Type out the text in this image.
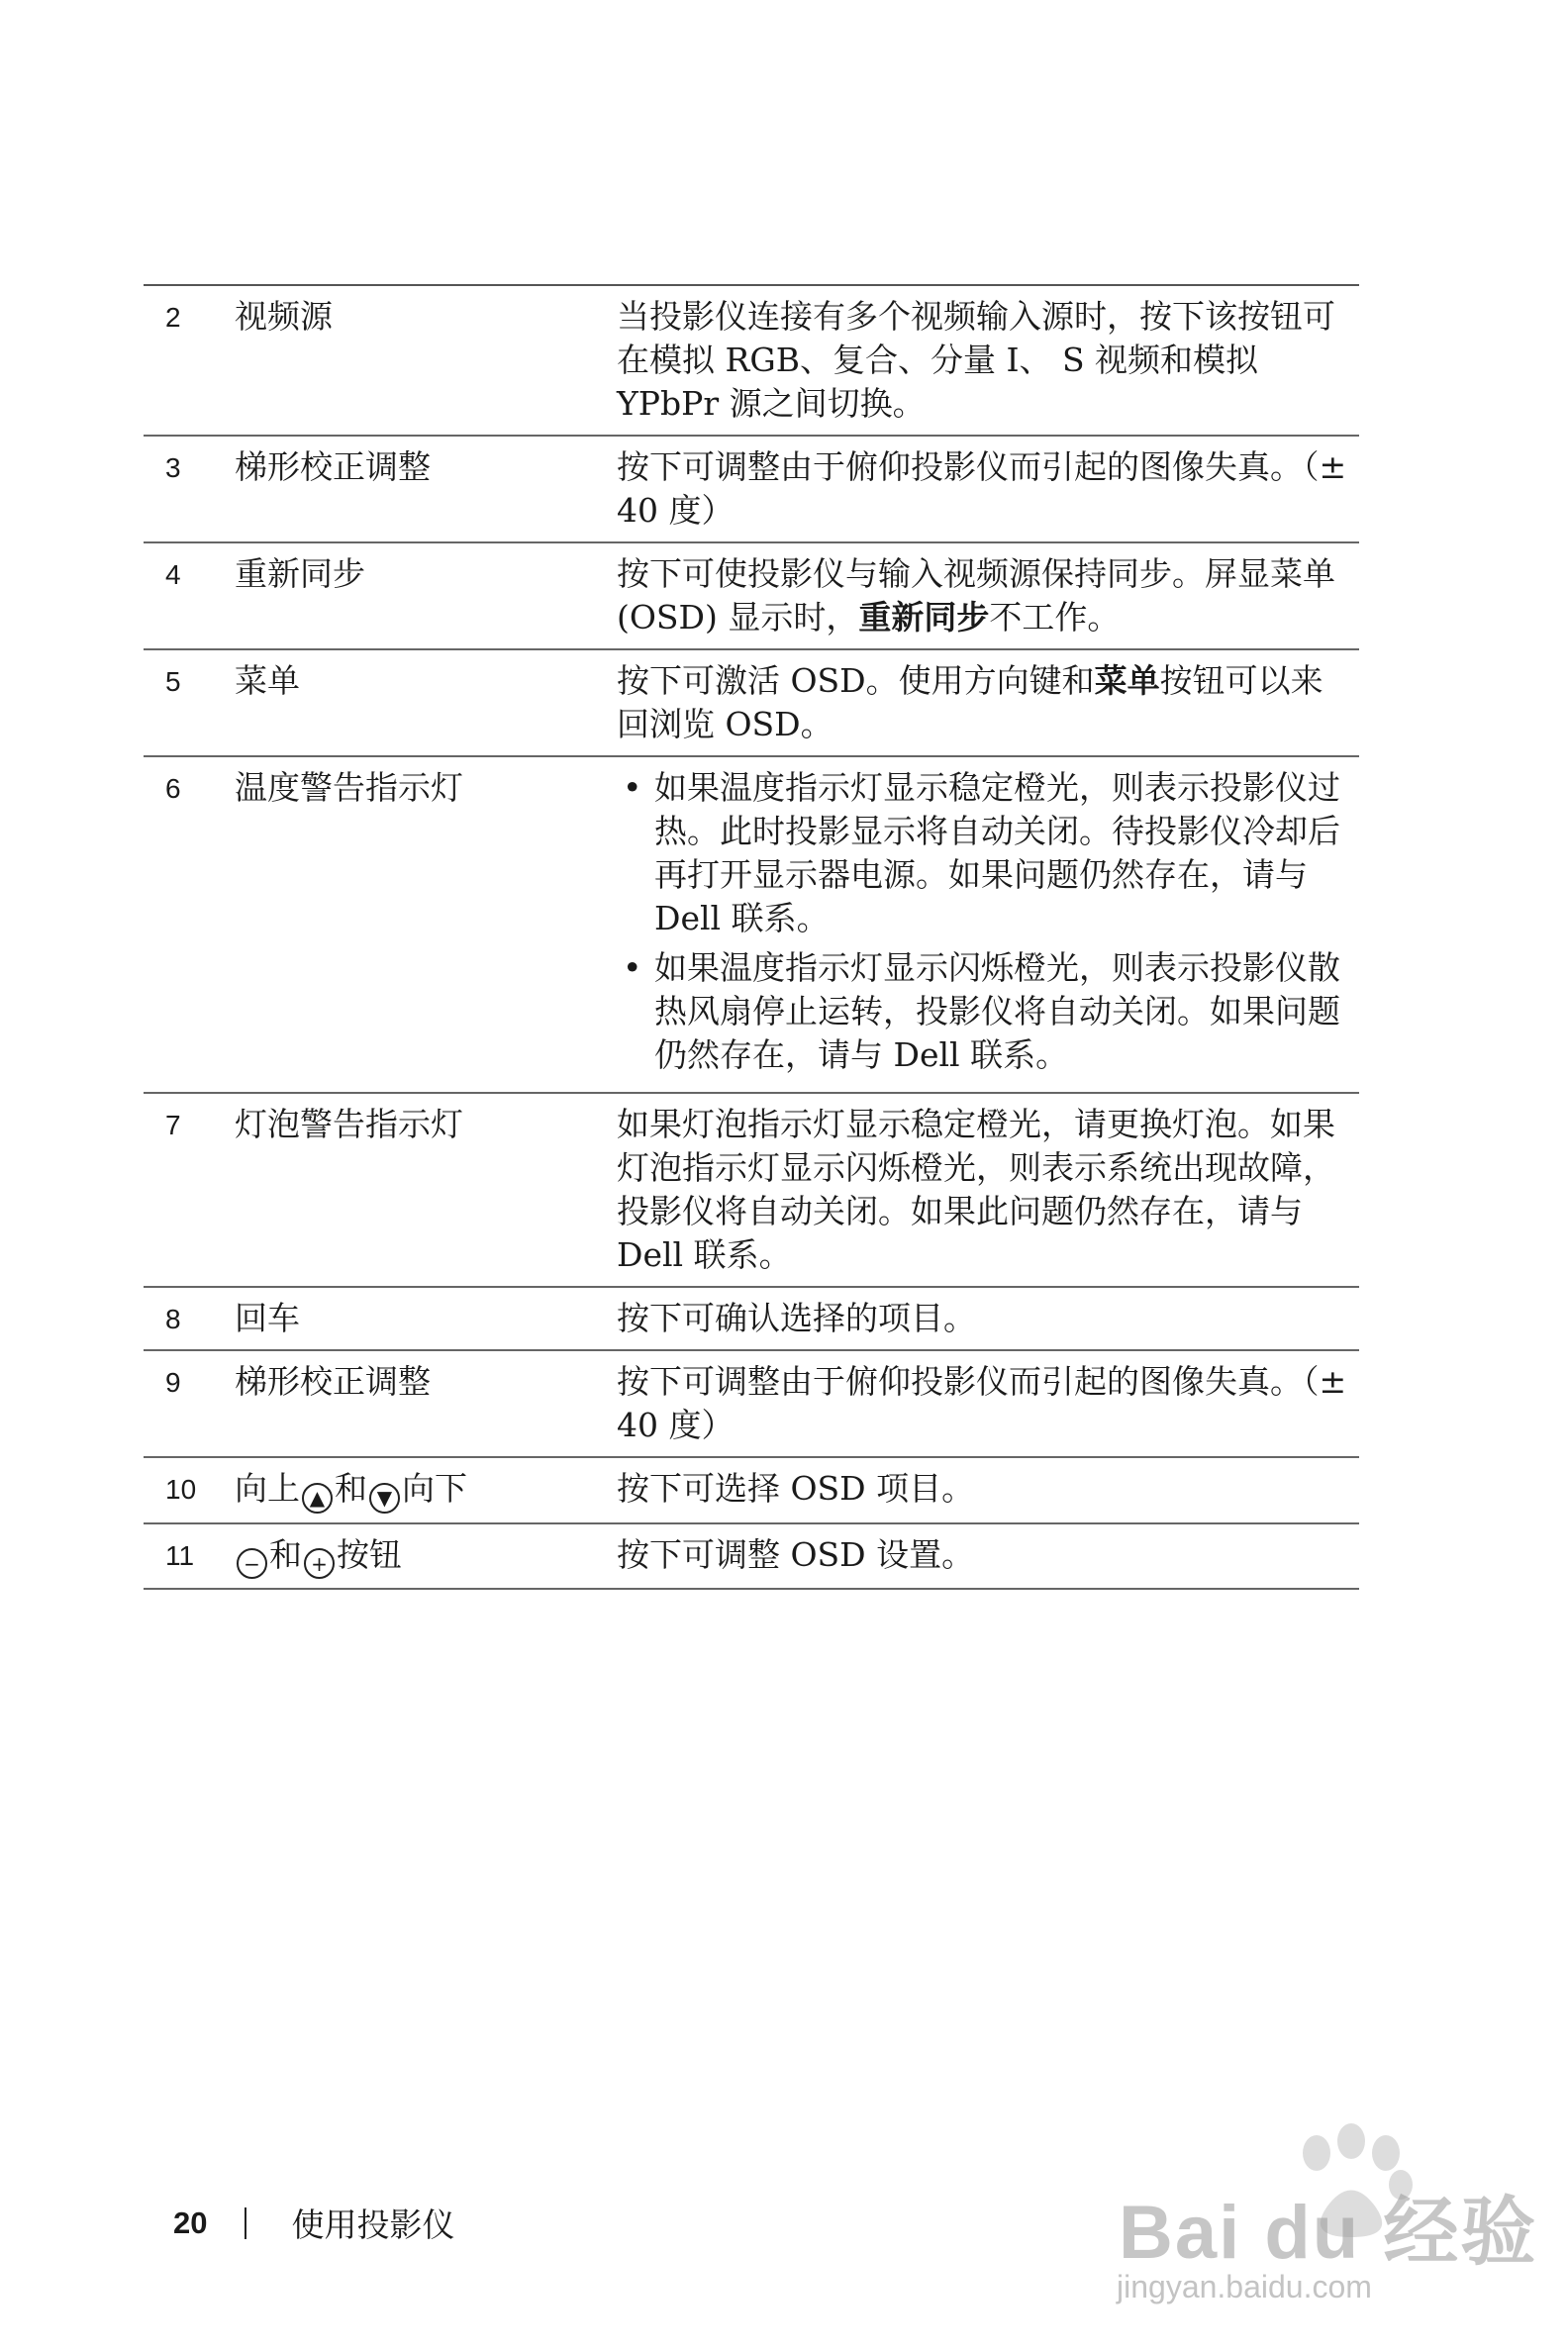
2	视频源	当投影仪连接有多个视频输入源时，按下该按钮可在模拟 RGB、复合、分量 I、 S 视频和模拟 YPbPr 源之间切换。
3	梯形校正调整	按下可调整由于俯仰投影仪而引起的图像失真。（± 40 度）
4	重新同步	按下可使投影仪与输入视频源保持同步。屏显菜单 (OSD) 显示时，重新同步不工作。
5	菜单	按下可激活 OSD。使用方向键和菜单按钮可以来回浏览 OSD。
6	温度警告指示灯	• 如果温度指示灯显示稳定橙光，则表示投影仪过热。此时投影显示将自动关闭。待投影仪冷却后再打开显示器电源。如果问题仍然存在，请与 Dell 联系。
• 如果温度指示灯显示闪烁橙光，则表示投影仪散热风扇停止运转，投影仪将自动关闭。如果问题仍然存在，请与 Dell 联系。
7	灯泡警告指示灯	如果灯泡指示灯显示稳定橙光，请更换灯泡。如果灯泡指示灯显示闪烁橙光，则表示系统出现故障，投影仪将自动关闭。如果此问题仍然存在，请与 Dell 联系。
8	回车	按下可确认选择的项目。
9	梯形校正调整	按下可调整由于俯仰投影仪而引起的图像失真。（± 40 度）
10	向上 ▲ 和 ▼ 向下	按下可选择 OSD 项目。
11	− 和 + 按钮	按下可调整 OSD 设置。
20	使用投影仪	Bai du 经验
jingyan.baidu.com
